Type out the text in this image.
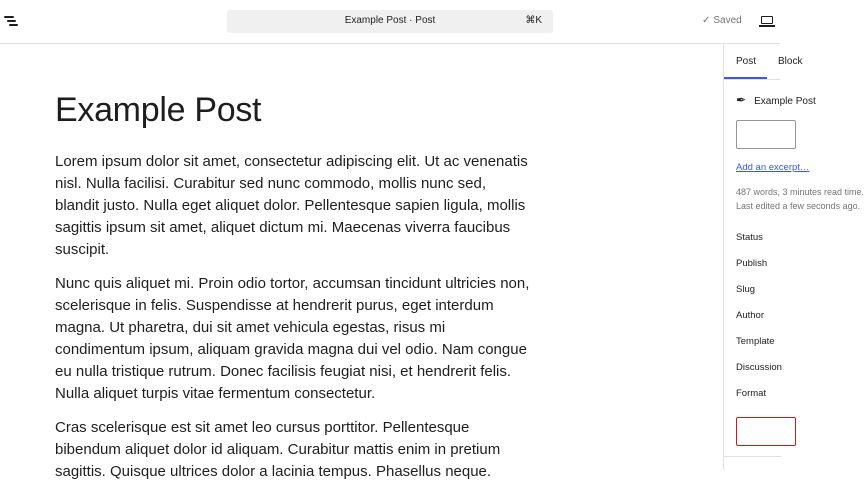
Example Post · Post	⌘K	✓ Saved
Example Post

Lorem ipsum dolor sit amet, consectetur adipiscing elit. Ut ac venenatis nisl. Nulla facilisi. Curabitur sed nunc commodo, mollis nunc sed, blandit justo. Nulla eget aliquet dolor. Pellentesque sapien ligula, mollis sagittis ipsum sit amet, aliquet dictum mi. Maecenas viverra faucibus suscipit.

Nunc quis aliquet mi. Proin odio tortor, accumsan tincidunt ultricies non, scelerisque in felis. Suspendisse at hendrerit purus, eget interdum magna. Ut pharetra, dui sit amet vehicula egestas, risus mi condimentum ipsum, aliquam gravida magna dui vel odio. Nam congue eu nulla tristique rutrum. Donec facilisis feugiat nisi, et hendrerit felis. Nulla aliquet turpis vitae fermentum consectetur.

Cras scelerisque est sit amet leo cursus porttitor. Pellentesque bibendum aliquet dolor id aliquam. Curabitur mattis enim in pretium sagittis. Quisque ultrices dolor a lacinia tempus. Phasellus neque.

Post Block
✒ Example Post
Add an excerpt…
487 words, 3 minutes read time.
Last edited a few seconds ago.
Status
Publish
Slug
Author
Template
Discussion
Format
